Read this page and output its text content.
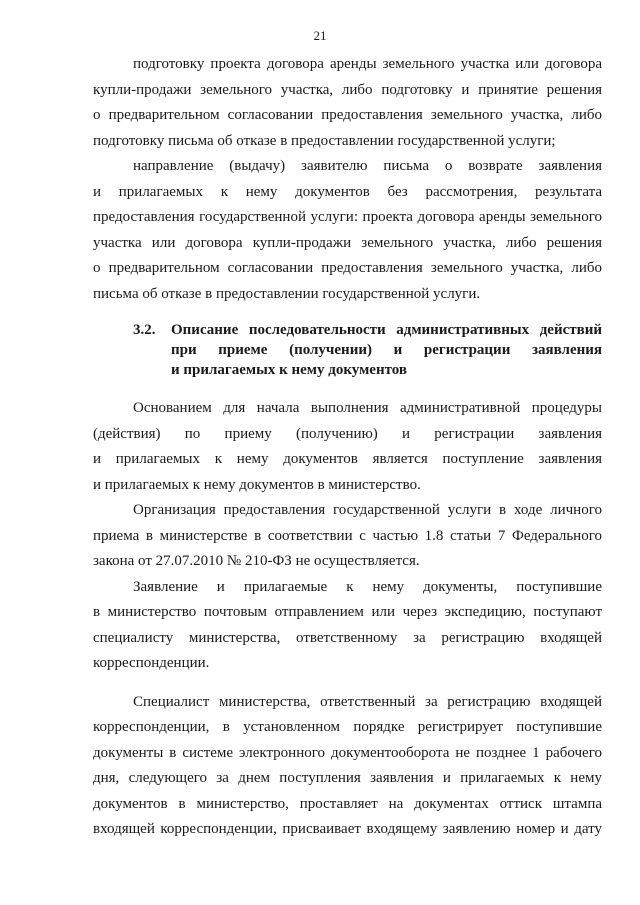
21
подготовку проекта договора аренды земельного участка или договора
купли-продажи земельного участка, либо подготовку и принятие решения
о предварительном согласовании предоставления земельного участка, либо
подготовку письма об отказе в предоставлении государственной услуги;
направление (выдачу) заявителю письма о возврате заявления
и прилагаемых к нему документов без рассмотрения, результата
предоставления государственной услуги: проекта договора аренды земельного
участка или договора купли-продажи земельного участка, либо решения
о предварительном согласовании предоставления земельного участка, либо
письма об отказе в предоставлении государственной услуги.
3.2. Описание последовательности административных действий
при приеме (получении) и регистрации заявления
и прилагаемых к нему документов
Основанием для начала выполнения административной процедуры
(действия) по приему (получению) и регистрации заявления
и прилагаемых к нему документов является поступление заявления
и прилагаемых к нему документов в министерство.
Организация предоставления государственной услуги в ходе личного
приема в министерстве в соответствии с частью 1.8 статьи 7 Федерального
закона от 27.07.2010 № 210-ФЗ не осуществляется.
Заявление и прилагаемые к нему документы, поступившие
в министерство почтовым отправлением или через экспедицию, поступают
специалисту министерства, ответственному за регистрацию входящей
корреспонденции.
Специалист министерства, ответственный за регистрацию входящей
корреспонденции, в установленном порядке регистрирует поступившие
документы в системе электронного документооборота не позднее 1 рабочего
дня, следующего за днем поступления заявления и прилагаемых к нему
документов в министерство, проставляет на документах оттиск штампа
входящей корреспонденции, присваивает входящему заявлению номер и дату
